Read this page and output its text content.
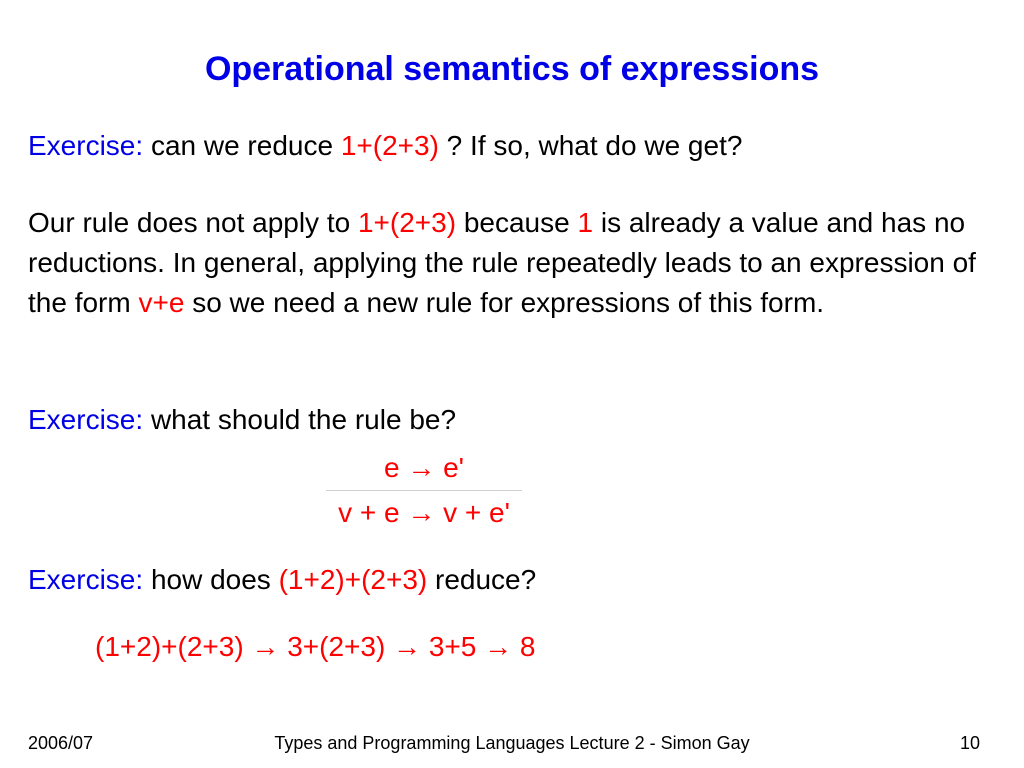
Operational semantics of expressions

Exercise: can we reduce 1+(2+3) ? If so, what do we get?

Our rule does not apply to 1+(2+3) because 1 is already a value and has no reductions. In general, applying the rule repeatedly leads to an expression of the form v+e so we need a new rule for expressions of this form.

Exercise: what should the rule be?

e → e'
v + e → v + e'

Exercise: how does (1+2)+(2+3) reduce?

(1+2)+(2+3) → 3+(2+3) → 3+5 → 8
2006/07	Types and Programming Languages Lecture 2 - Simon Gay	10
